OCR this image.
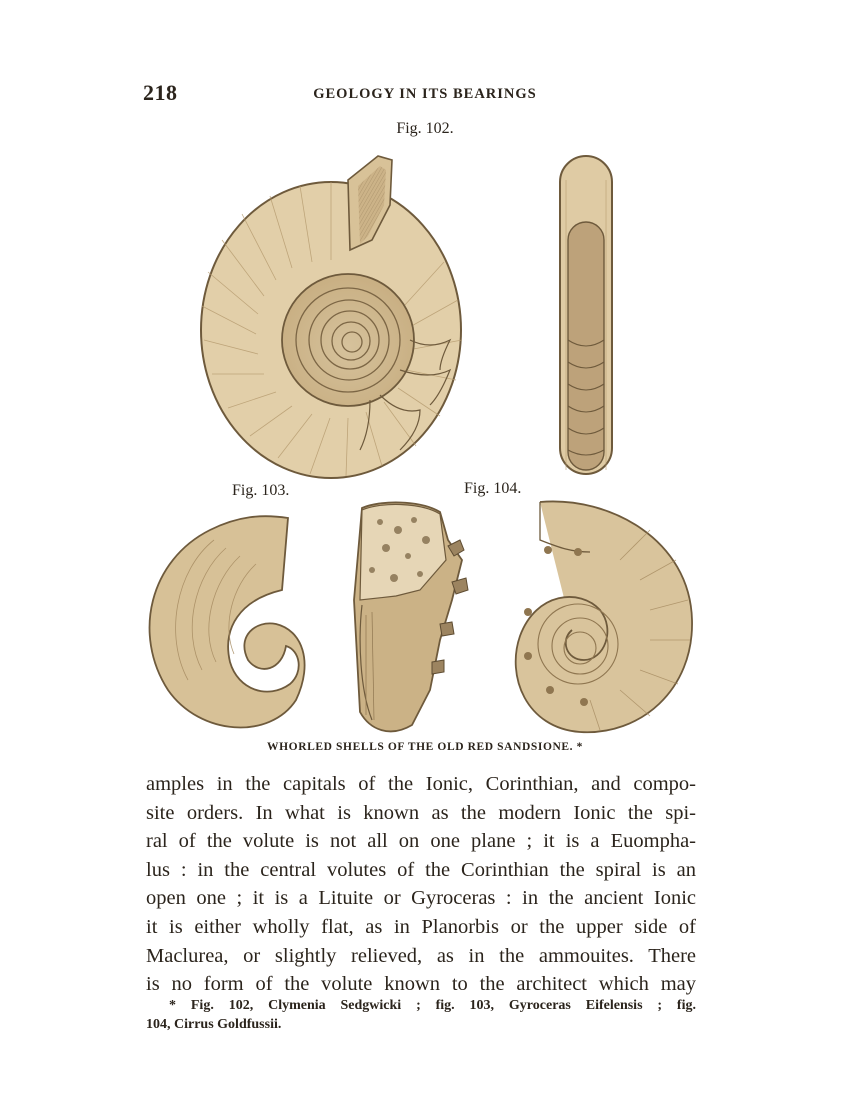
218	GEOLOGY IN ITS BEARINGS
Fig. 102.
Fig. 103.	Fig. 104.
WHORLED SHELLS OF THE OLD RED SANDSIONE. *
amples in the capitals of the Ionic, Corinthian, and compo-
site orders. In what is known as the modern Ionic the spi-
ral of the volute is not all on one plane ; it is a Euompha-
lus : in the central volutes of the Corinthian the spiral is an
open one ; it is a Lituite or Gyroceras : in the ancient Ionic
it is either wholly flat, as in Planorbis or the upper side of
Maclurea, or slightly relieved, as in the ammouites. There
is no form of the volute known to the architect which may
* Fig. 102, Clymenia Sedgwicki ; fig. 103, Gyroceras Eifelensis ; fig.
104, Cirrus Goldfussii.
